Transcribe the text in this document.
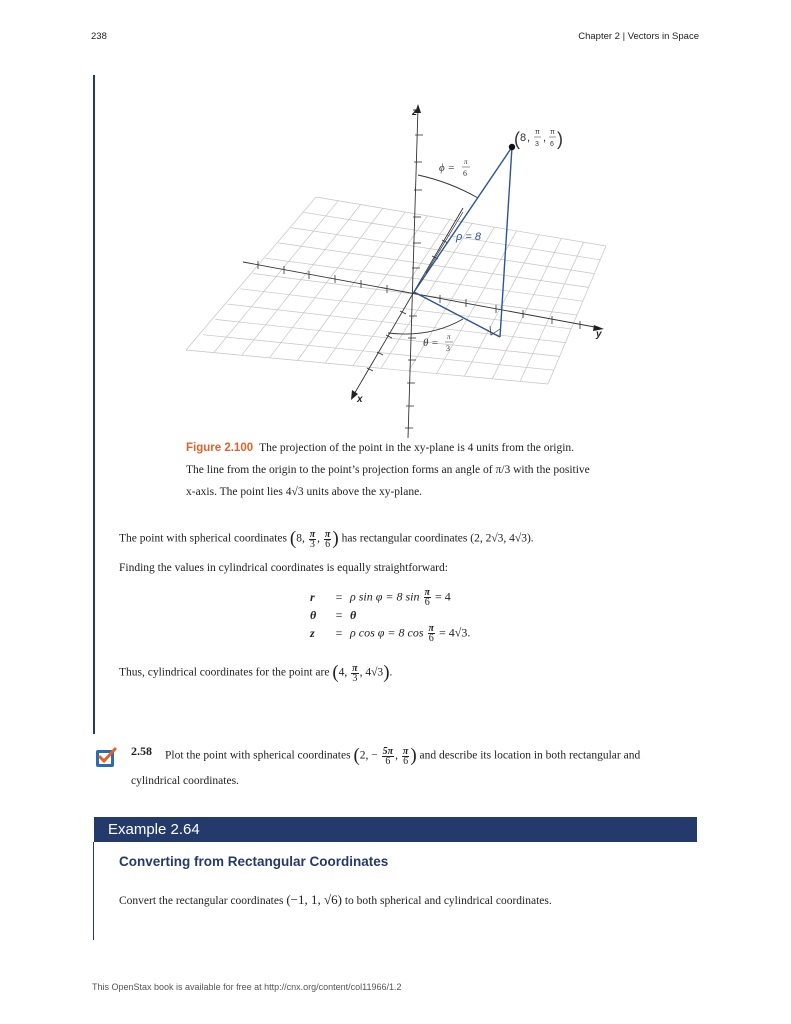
238	Chapter 2 | Vectors in Space
z
y
x
( 8 , π
3
, π
6 )
ϕ = π
6
ρ = 8
θ = π
3
Figure 2.100 The projection of the point in the xy-plane is 4 units from the origin.
The line from the origin to the point’s projection forms an angle of π/3 with the positive
x-axis. The point lies 4√3 units above the xy-plane.
The point with spherical coordinates (8, $\frac{\pi}{3}$ , $\frac{\pi}{6}$ ) has rectangular coordinates (2, 2√3, 4√3).
Finding the values in cylindrical coordinates is equally straightforward:
r	= ρ sin φ = 8 $\sin \frac{\pi}{6} = 4$
θ	= θ
z	= ρ cos φ = 8 $\cos \frac{\pi}{6} = 4√3$.
Thus, cylindrical coordinates for the point are (4, $\frac{\pi}{3}$ , 4√3).
2.58 Plot the point with spherical coordinates (2, − $\frac{5\pi}{6}$ , $\frac{\pi}{6}$ ) and describe its location in both rectangular and
cylindrical coordinates.
Example 2.64
Converting from Rectangular Coordinates
Convert the rectangular coordinates (−1, 1, √6) to both spherical and cylindrical coordinates.
This OpenStax book is available for free at http://cnx.org/content/col11966/1.2
